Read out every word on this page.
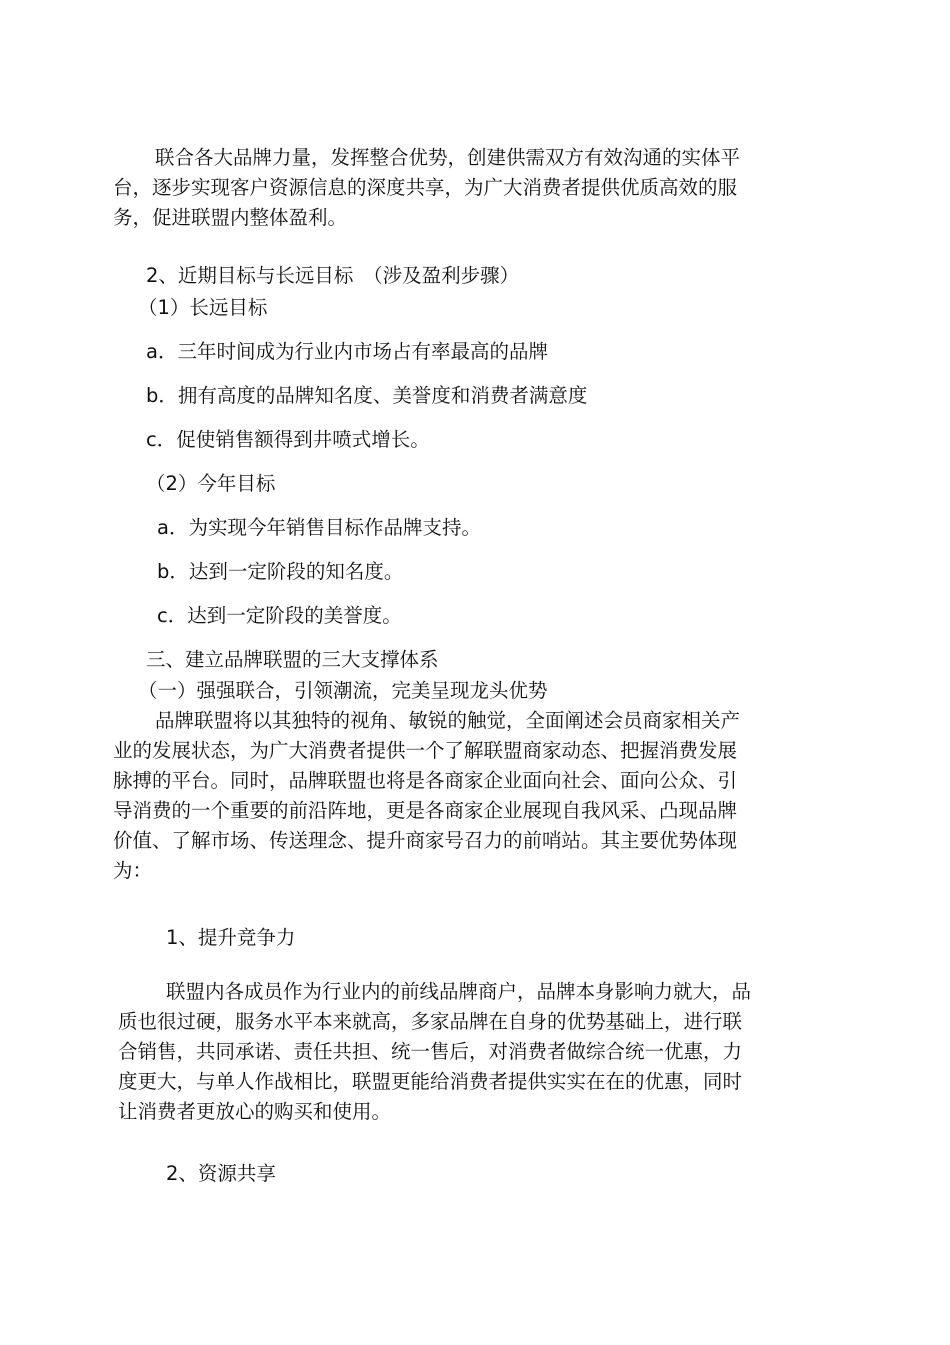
联合各大品牌力量，发挥整合优势，创建供需双方有效沟通的实体平
台，逐步实现客户资源信息的深度共享，为广大消费者提供优质高效的服
务，促进联盟内整体盈利。

2、近期目标与长远目标　（涉及盈利步骤）

（1）长远目标

a．三年时间成为行业内市场占有率最高的品牌

b．拥有高度的品牌知名度、美誉度和消费者满意度

c．促使销售额得到井喷式增长。

（2）今年目标

a．为实现今年销售目标作品牌支持。

b．达到一定阶段的知名度。

c．达到一定阶段的美誉度。

三、建立品牌联盟的三大支撑体系

（一）强强联合，引领潮流，完美呈现龙头优势

品牌联盟将以其独特的视角、敏锐的触觉，全面阐述会员商家相关产
业的发展状态，为广大消费者提供一个了解联盟商家动态、把握消费发展
脉搏的平台。同时，品牌联盟也将是各商家企业面向社会、面向公众、引
导消费的一个重要的前沿阵地，更是各商家企业展现自我风采、凸现品牌
价值、了解市场、传送理念、提升商家号召力的前哨站。其主要优势体现
为：

1、提升竞争力

联盟内各成员作为行业内的前线品牌商户，品牌本身影响力就大，品
质也很过硬，服务水平本来就高，多家品牌在自身的优势基础上，进行联
合销售，共同承诺、责任共担、统一售后，对消费者做综合统一优惠，力
度更大，与单人作战相比，联盟更能给消费者提供实实在在的优惠，同时
让消费者更放心的购买和使用。

2、资源共享
